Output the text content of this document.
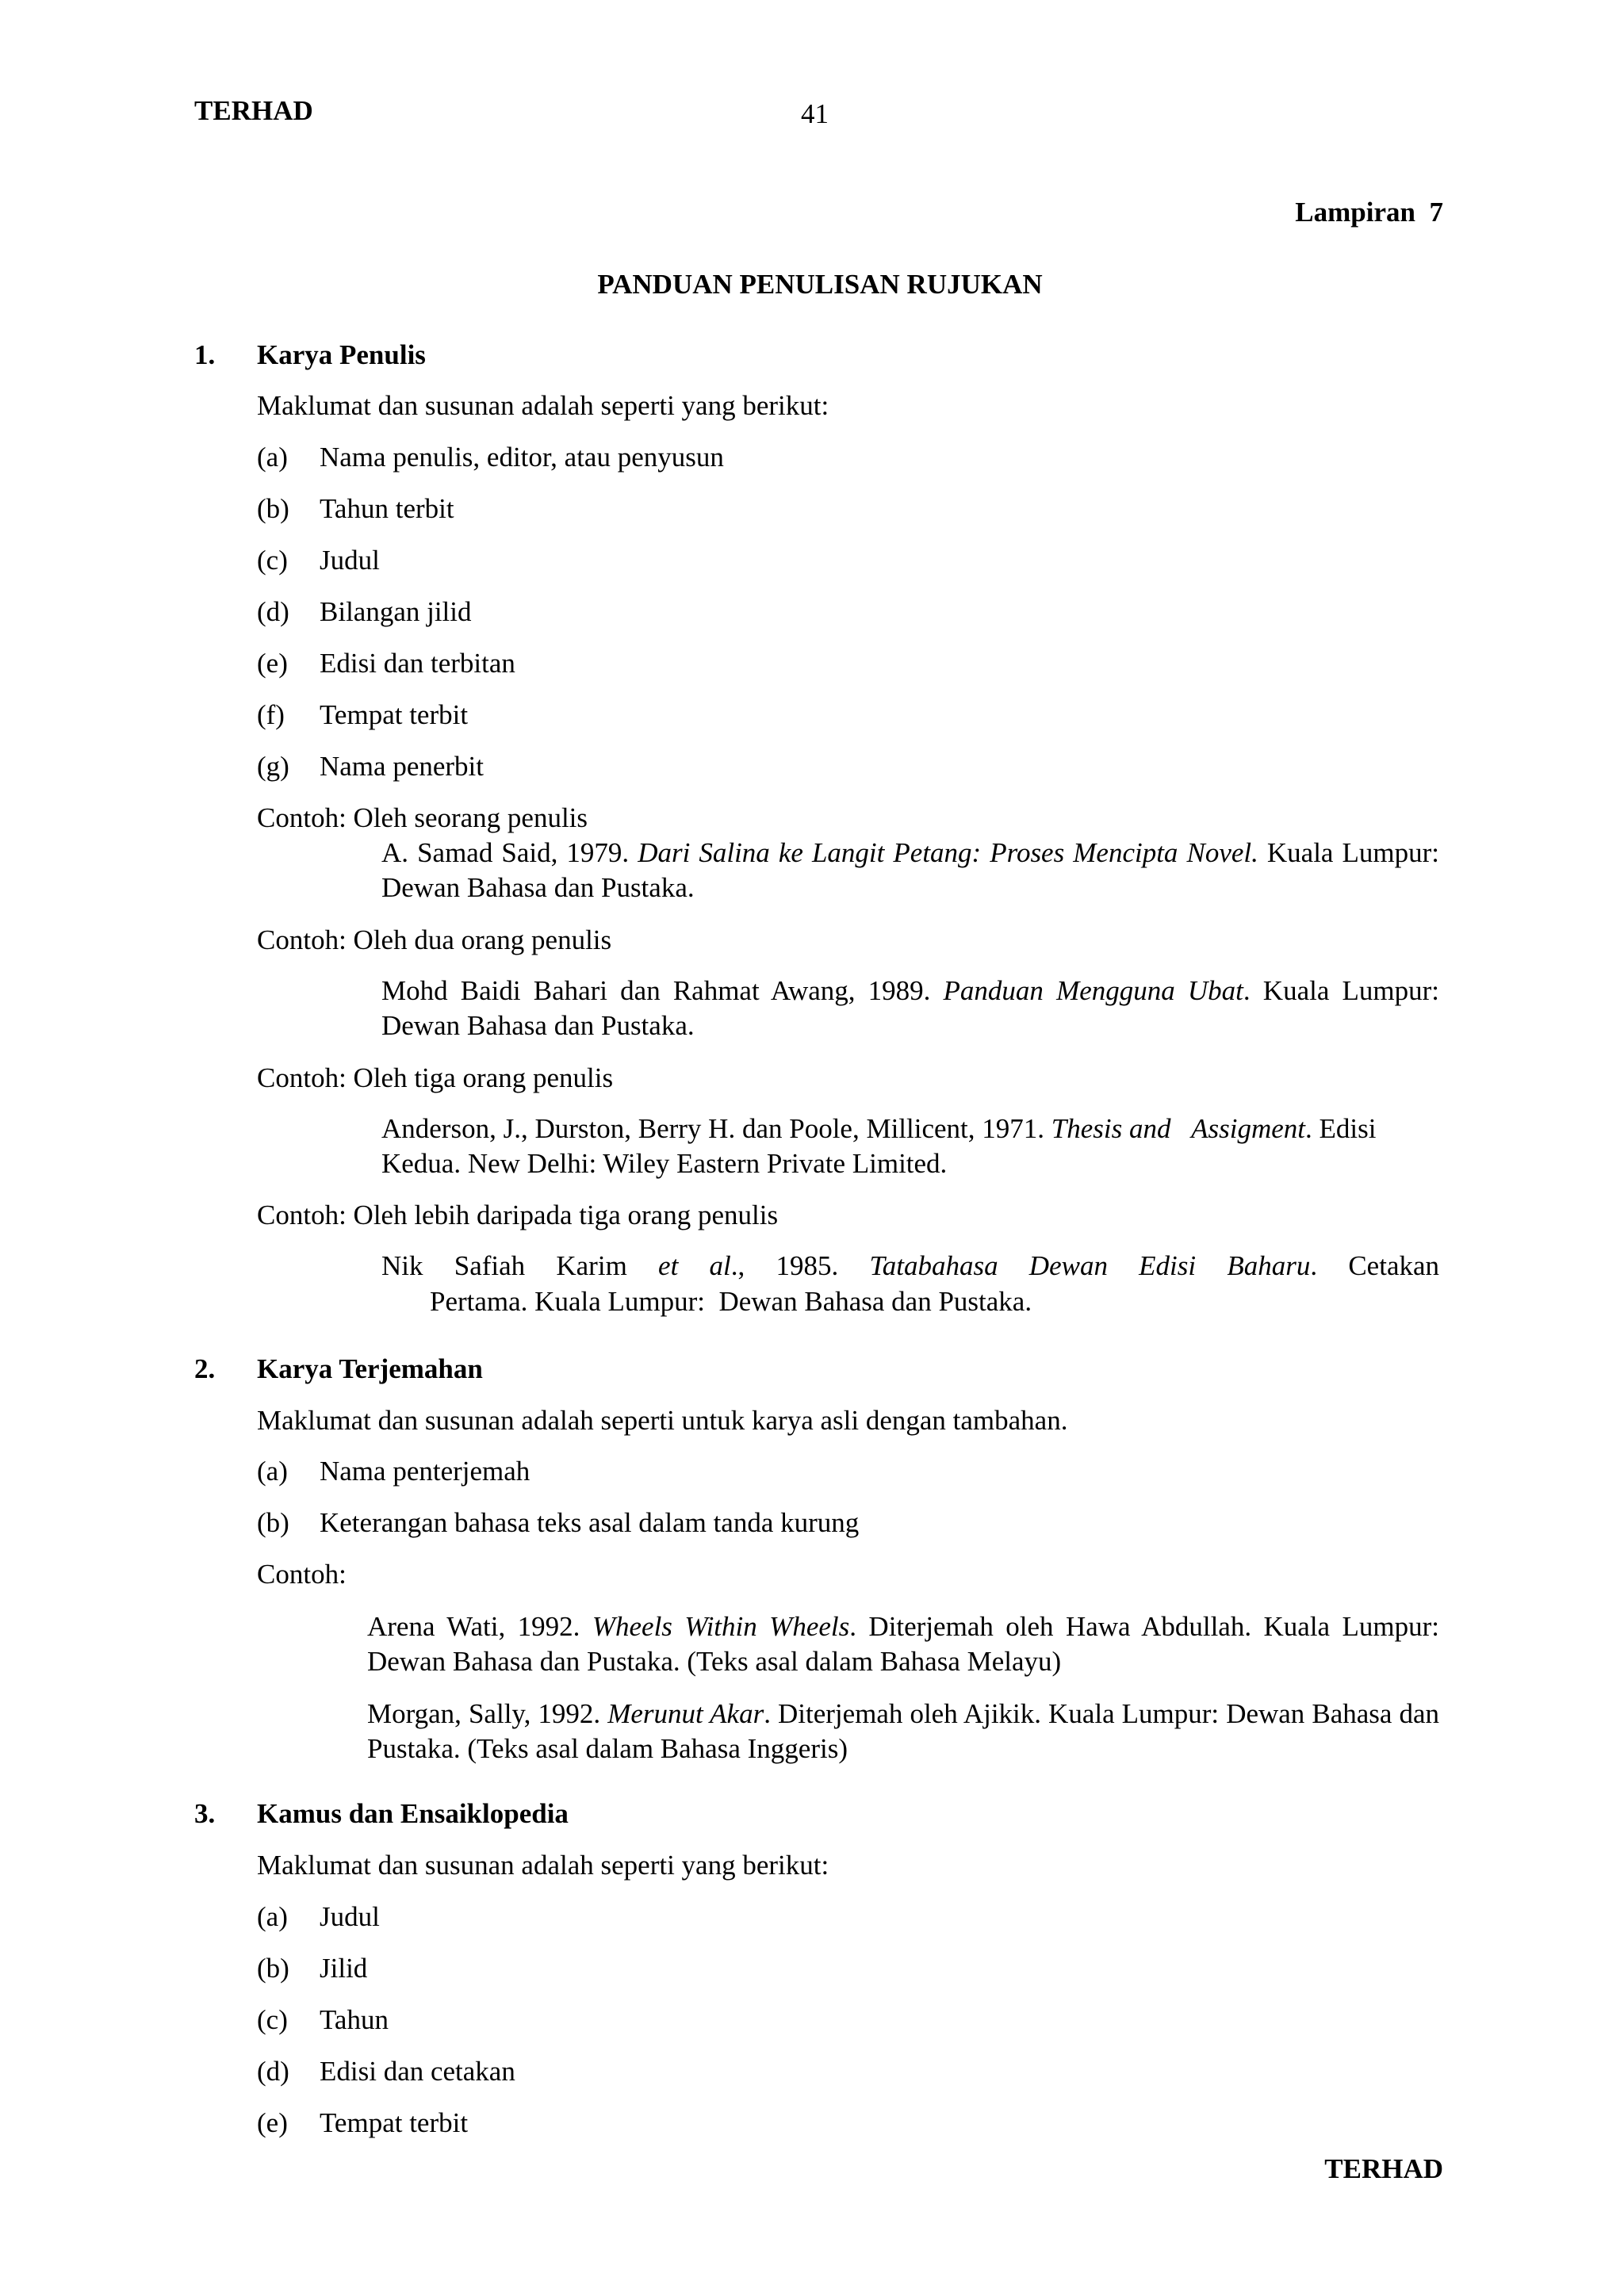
TERHAD	41
Lampiran  7
PANDUAN PENULISAN RUJUKAN
1. Karya Penulis
Maklumat dan susunan adalah seperti yang berikut:
(a) Nama penulis, editor, atau penyusun
(b) Tahun terbit
(c) Judul
(d) Bilangan jilid
(e) Edisi dan terbitan
(f) Tempat terbit
(g) Nama penerbit
Contoh: Oleh seorang penulis
A. Samad Said, 1979. Dari Salina ke Langit Petang: Proses Mencipta Novel. Kuala Lumpur: Dewan Bahasa dan Pustaka.
Contoh: Oleh dua orang penulis
Mohd Baidi Bahari dan Rahmat Awang, 1989. Panduan Mengguna Ubat. Kuala Lumpur: Dewan Bahasa dan Pustaka.
Contoh: Oleh tiga orang penulis
Anderson, J., Durston, Berry H. dan Poole, Millicent, 1971. Thesis and   Assigment. Edisi Kedua. New Delhi: Wiley Eastern Private Limited.
Contoh: Oleh lebih daripada tiga orang penulis
Nik Safiah Karim et al., 1985. Tatabahasa Dewan Edisi Baharu. Cetakan
Pertama. Kuala Lumpur:  Dewan Bahasa dan Pustaka.
2. Karya Terjemahan
Maklumat dan susunan adalah seperti untuk karya asli dengan tambahan.
(a) Nama penterjemah
(b) Keterangan bahasa teks asal dalam tanda kurung
Contoh:
Arena Wati, 1992. Wheels Within Wheels. Diterjemah oleh Hawa Abdullah. Kuala Lumpur: Dewan Bahasa dan Pustaka. (Teks asal dalam Bahasa Melayu)
Morgan, Sally, 1992. Merunut Akar. Diterjemah oleh Ajikik. Kuala Lumpur: Dewan Bahasa dan Pustaka. (Teks asal dalam Bahasa Inggeris)
3. Kamus dan Ensaiklopedia
Maklumat dan susunan adalah seperti yang berikut:
(a) Judul
(b) Jilid
(c) Tahun
(d) Edisi dan cetakan
(e) Tempat terbit
TERHAD
